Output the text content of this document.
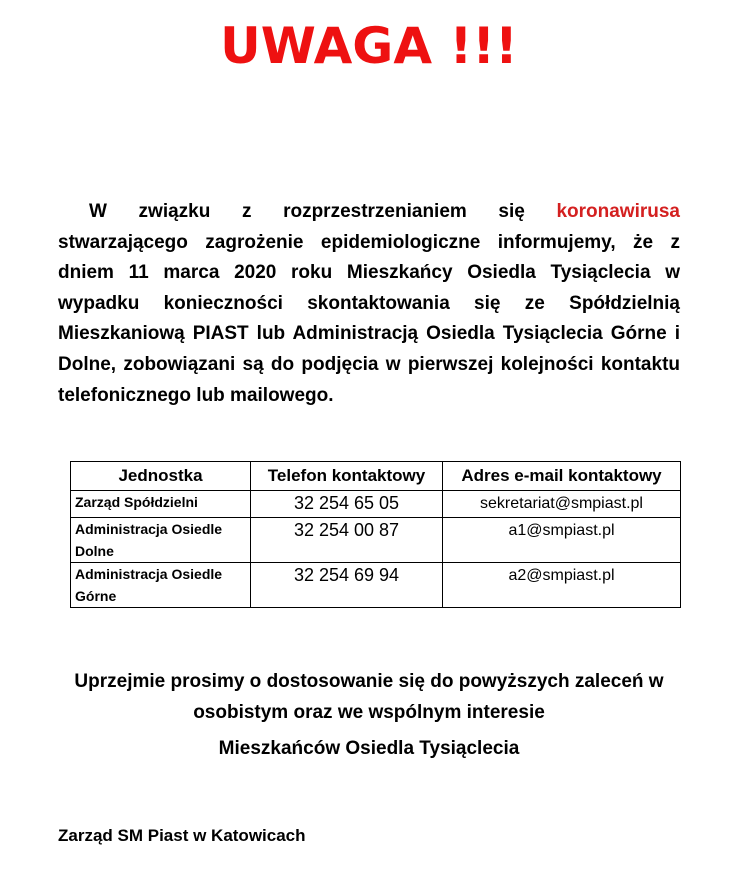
UWAGA !!!

W związku z rozprzestrzenianiem się koronawirusa stwarzającego zagrożenie epidemiologiczne informujemy, że z dniem 11 marca 2020 roku Mieszkańcy Osiedla Tysiąclecia w wypadku konieczności skontaktowania się ze Spółdzielnią Mieszkaniową PIAST lub Administracją Osiedla Tysiąclecia Górne i Dolne, zobowiązani są do podjęcia w pierwszej kolejności kontaktu telefonicznego lub mailowego.

Jednostka	Telefon kontaktowy	Adres e-mail kontaktowy
Zarząd Spółdzielni	32 254 65 05	sekretariat@smpiast.pl
Administracja Osiedle Dolne	32 254 00 87	a1@smpiast.pl
Administracja Osiedle Górne	32 254 69 94	a2@smpiast.pl

Uprzejmie prosimy o dostosowanie się do powyższych zaleceń w osobistym oraz we wspólnym interesie

Mieszkańców Osiedla Tysiąclecia

Zarząd SM Piast w Katowicach
